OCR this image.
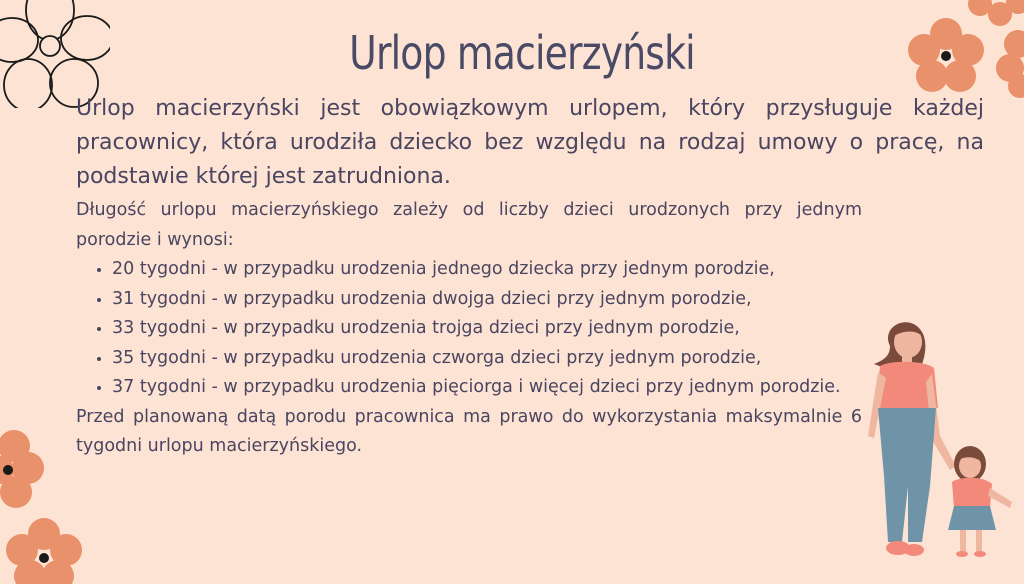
Urlop macierzyński

Urlop macierzyński jest obowiązkowym urlopem, który przysługuje każdej pracownicy, która urodziła dziecko bez względu na rodzaj umowy o pracę, na podstawie której jest zatrudniona.

Długość urlopu macierzyńskiego zależy od liczby dzieci urodzonych przy jednym porodzie i wynosi:

• 20 tygodni - w przypadku urodzenia jednego dziecka przy jednym porodzie,
• 31 tygodni - w przypadku urodzenia dwojga dzieci przy jednym porodzie,
• 33 tygodni - w przypadku urodzenia trojga dzieci przy jednym porodzie,
• 35 tygodni - w przypadku urodzenia czworga dzieci przy jednym porodzie,
• 37 tygodni - w przypadku urodzenia pięciorga i więcej dzieci przy jednym porodzie.

Przed planowaną datą porodu pracownica ma prawo do wykorzystania maksymalnie 6 tygodni urlopu macierzyńskiego.
